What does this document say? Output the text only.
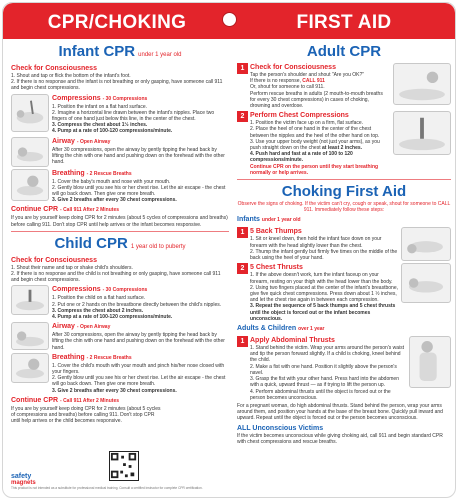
CPR/CHOKING	FIRST AID
Infant CPR under 1 year old
Check for Consciousness
1. Shout and tap or flick the bottom of the infant's foot.
2. If there is no response and the infant is not breathing or only gasping, have someone call 911 and begin chest compressions.
Compressions - 30 Compressions
1. Position the infant on a flat hard surface.
2. Imagine a horizontal line drawn between the infant's nipples. Place two fingers of one hand just below this line, in the center of the chest.
3. Compress the chest about 1½ inches.
4. Pump at a rate of 100-120 compressions/minute.
Airway - Open Airway
After 30 compressions, open the airway by gently tipping the head back by lifting the chin with one hand and pushing down on the forehead with the other hand.
Breathing - 2 Rescue Breaths
1. Cover the baby's mouth and nose with your mouth.
2. Gently blow until you see his or her chest rise. Let the air escape - the chest will go back down. Then give one more breath.
3. Give 2 breaths after every 30 chest compressions.
Continue CPR - Call 911 After 2 Minutes
If you are by yourself keep doing CPR for 2 minutes (about 5 cycles of compressions and breaths) before calling 911. Don't stop CPR until help arrives or the infant becomes responsive.
Child CPR 1 year old to puberty
Check for Consciousness
1. Shout their name and tap or shake child's shoulders.
2. If there is no response and the child is not breathing or only gasping, have someone call 911 and begin chest compressions.
Compressions - 30 Compressions
1. Position the child on a flat hard surface.
2. Put one or 2 hands on the breastbone directly between the child's nipples.
3. Compress the chest about 2 inches.
4. Pump at a rate of 100-120 compressions/minute.
Airway - Open Airway
After 30 compressions, open the airway by gently tipping the head back by lifting the chin with one hand and pushing down on the forehead with the other hand.
Breathing - 2 Rescue Breaths
1. Cover the child's mouth with your mouth and pinch his/her nose closed with your fingers.
2. Gently blow until you see his or her chest rise. Let the air escape - the chest will go back down. Then give one more breath.
3. Give 2 breaths after every 30 chest compressions.
Continue CPR - Call 911 After 2 Minutes
If you are by yourself keep doing CPR for 2 minutes (about 5 cycles of compressions and breaths) before calling 911. Don't stop CPR until help arrives or the child becomes responsive.
Adult CPR
1 Check for Consciousness
Tap the person's shoulder and shout "Are you OK?"
If there is no response, CALL 911
Or, shout for someone to call 911.
Perform rescue breaths in adults (2 mouth-to-mouth breaths for every 30 chest compressions) in cases of choking, drowning and overdose.
2 Perform Chest Compressions
1. Position the victim face up on a firm, flat surface.
2. Place the heel of one hand in the center of the chest between the nipples and the heel of the other hand on top.
3. Use your upper body weight (not just your arms), as you push straight down on the chest at least 2 inches.
4. Push hard and fast at a rate of 100 to 120 compressions/minute.
Continue CPR on the person until they start breathing normally or help arrives.
Choking First Aid
Observe the signs of choking. If the victim can't cry, cough or speak, shout for someone to CALL 911. Immediately follow these steps:
Infants under 1 year old
1 5 Back Thumps
1. Sit or kneel down, then hold the infant face down on your forearm with the head slightly lower than the chest.
2. Thump the infant gently but firmly five times on the middle of the back using the heel of your hand.
2 5 Chest Thrusts
1. If the above doesn't work, turn the infant faceup on your forearm, resting on your thigh with the head lower than the body.
2. Using two fingers placed at the center of the infant's breastbone, give five quick chest compressions. Press down about 1 ½ inches, and let the chest rise again in between each compression.
3. Repeat the sequence of 5 back thumps and 5 chest thrusts until the object is forced out or the infant becomes unconscious.
Adults & Children over 1 year
1 Apply Abdominal Thrusts
1. Stand behind the victim. Wrap your arms around the person's waist and tip the person forward slightly. If a child is choking, kneel behind the child.
2. Make a fist with one hand. Position it slightly above the person's navel.
3. Grasp the fist with your other hand. Press hard into the abdomen with a quick, upward thrust — as if trying to lift the person up.
4. Perform abdominal thrusts until the object is forced out or the person becomes unconscious.
For a pregnant woman, do high abdominal thrusts. Stand behind the person, wrap your arms around them, and position your hands at the base of the breast bone. Quickly pull inward and upward. Repeat until the object is forced out or the person becomes unconscious.
ALL Unconscious Victims
If the victim becomes unconscious while giving choking aid, call 911 and begin standard CPR with chest compressions and rescue breaths.
safety
magnets
This product is not intended as a substitute for professional medical training. Consult a certified instructor for complete CPR certification.
